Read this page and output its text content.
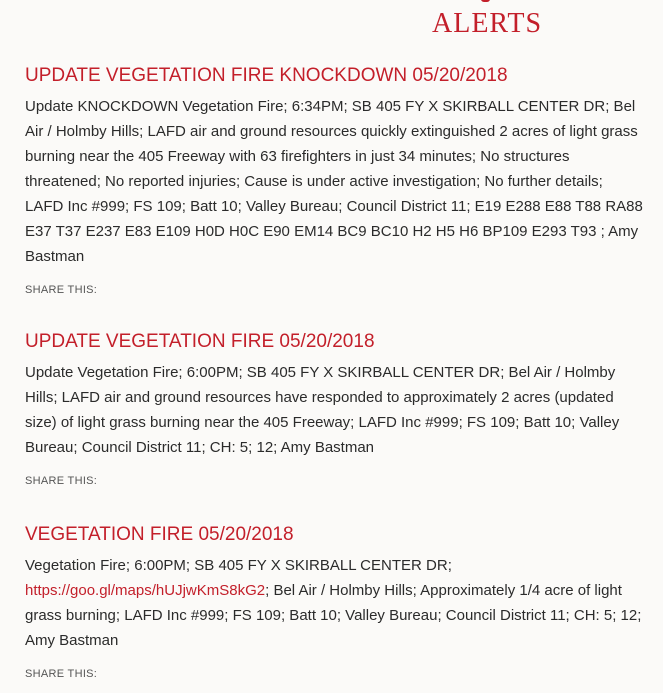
ALERTS
UPDATE VEGETATION FIRE KNOCKDOWN 05/20/2018

Update KNOCKDOWN Vegetation Fire; 6:34PM; SB 405 FY X SKIRBALL CENTER DR; Bel Air / Holmby Hills; LAFD air and ground resources quickly extinguished 2 acres of light grass burning near the 405 Freeway with 63 firefighters in just 34 minutes; No structures threatened; No reported injuries; Cause is under active investigation; No further details; LAFD Inc #999; FS 109; Batt 10; Valley Bureau; Council District 11; E19 E288 E88 T88 RA88 E37 T37 E237 E83 E109 H0D H0C E90 EM14 BC9 BC10 H2 H5 H6 BP109 E293 T93 ; Amy Bastman

SHARE THIS:
UPDATE VEGETATION FIRE 05/20/2018

Update Vegetation Fire; 6:00PM; SB 405 FY X SKIRBALL CENTER DR; Bel Air / Holmby Hills; LAFD air and ground resources have responded to approximately 2 acres (updated size) of light grass burning near the 405 Freeway; LAFD Inc #999; FS 109; Batt 10; Valley Bureau; Council District 11; CH: 5; 12; Amy Bastman

SHARE THIS:
VEGETATION FIRE 05/20/2018

Vegetation Fire; 6:00PM; SB 405 FY X SKIRBALL CENTER DR; https://goo.gl/maps/hUJjwKmS8kG2; Bel Air / Holmby Hills; Approximately 1/4 acre of light grass burning; LAFD Inc #999; FS 109; Batt 10; Valley Bureau; Council District 11; CH: 5; 12; Amy Bastman

SHARE THIS:
